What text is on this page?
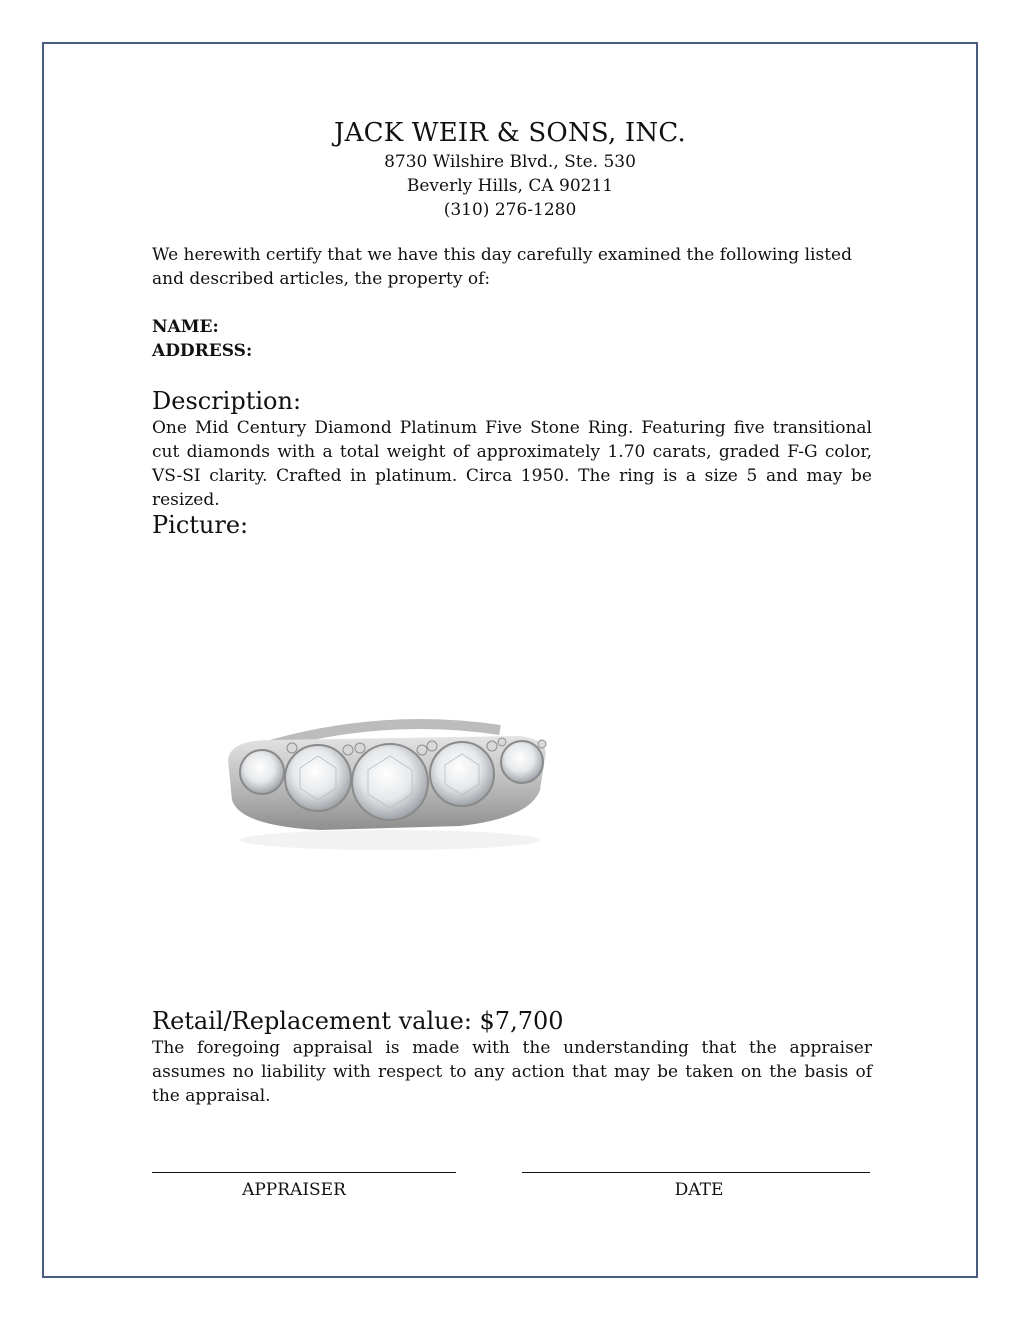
JACK WEIR & SONS, INC.
8730 Wilshire Blvd., Ste. 530
Beverly Hills, CA 90211
(310) 276-1280
We herewith certify that we have this day carefully examined the following listed and described articles, the property of:
NAME:
ADDRESS:
Description:
One Mid Century Diamond Platinum Five Stone Ring. Featuring five transitional cut diamonds with a total weight of approximately 1.70 carats, graded F-G color, VS-SI clarity. Crafted in platinum. Circa 1950. The ring is a size 5 and may be resized.
Picture:
Retail/Replacement value: $7,700
The foregoing appraisal is made with the understanding that the appraiser assumes no liability with respect to any action that may be taken on the basis of the appraisal.
APPRAISER	DATE
